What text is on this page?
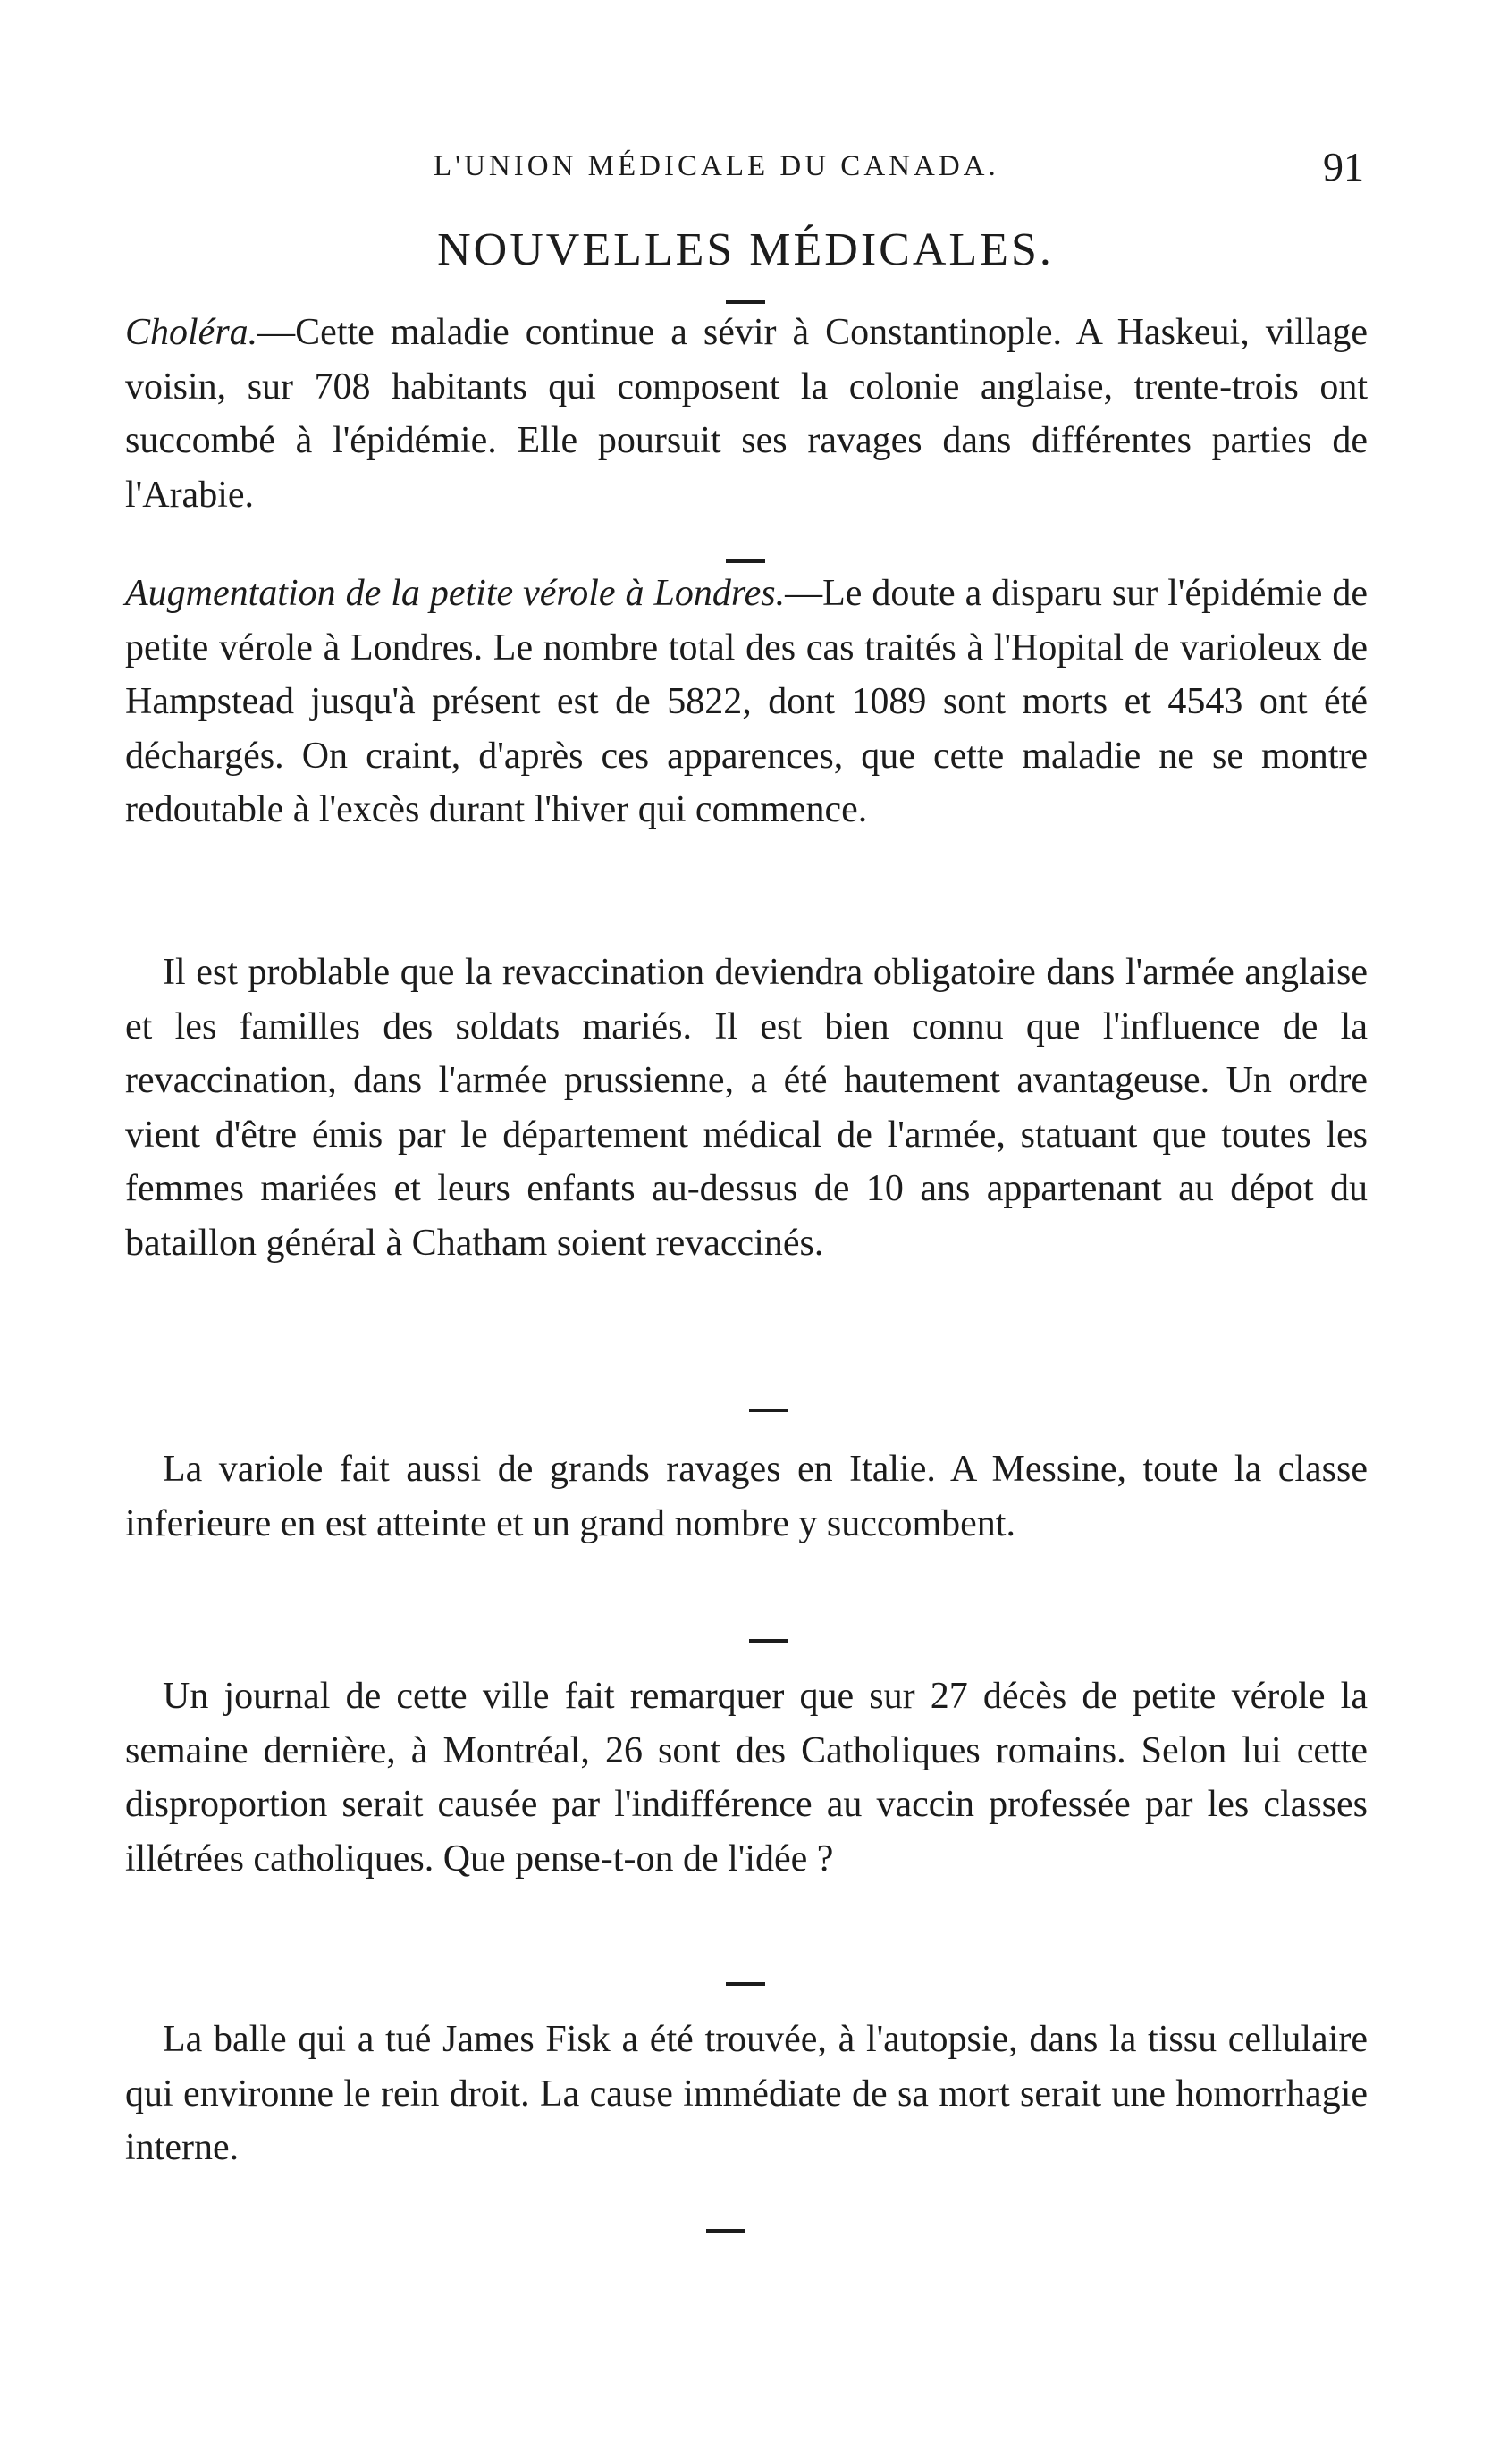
L'UNION MÉDICALE DU CANADA.	91
NOUVELLES MÉDICALES.

Choléra.—Cette maladie continue a sévir à Constantinople. A Haskeui, village voisin, sur 708 habitants qui composent la colonie anglaise, trente-trois ont succombé à l'épidémie. Elle poursuit ses ravages dans différentes parties de l'Arabie.

Augmentation de la petite vérole à Londres.—Le doute a disparu sur l'épidémie de petite vérole à Londres. Le nombre total des cas traités à l'Hopital de varioleux de Hampstead jusqu'à présent est de 5822, dont 1089 sont morts et 4543 ont été déchargés. On craint, d'après ces apparences, que cette maladie ne se montre redoutable à l'excès durant l'hiver qui commence.

Il est problable que la revaccination deviendra obligatoire dans l'armée anglaise et les familles des soldats mariés. Il est bien connu que l'influence de la revaccination, dans l'armée prussienne, a été hautement avantageuse. Un ordre vient d'être émis par le département médical de l'armée, statuant que toutes les femmes mariées et leurs enfants au-dessus de 10 ans appartenant au dépot du bataillon général à Chatham soient revaccinés.

La variole fait aussi de grands ravages en Italie. A Messine, toute la classe inferieure en est atteinte et un grand nombre y succombent.

Un journal de cette ville fait remarquer que sur 27 décès de petite vérole la semaine dernière, à Montréal, 26 sont des Catholiques romains. Selon lui cette disproportion serait causée par l'indifférence au vaccin professée par les classes illétrées catholiques. Que pense-t-on de l'idée ?

La balle qui a tué James Fisk a été trouvée, à l'autopsie, dans la tissu cellulaire qui environne le rein droit. La cause immédiate de sa mort serait une homorrhagie interne.
